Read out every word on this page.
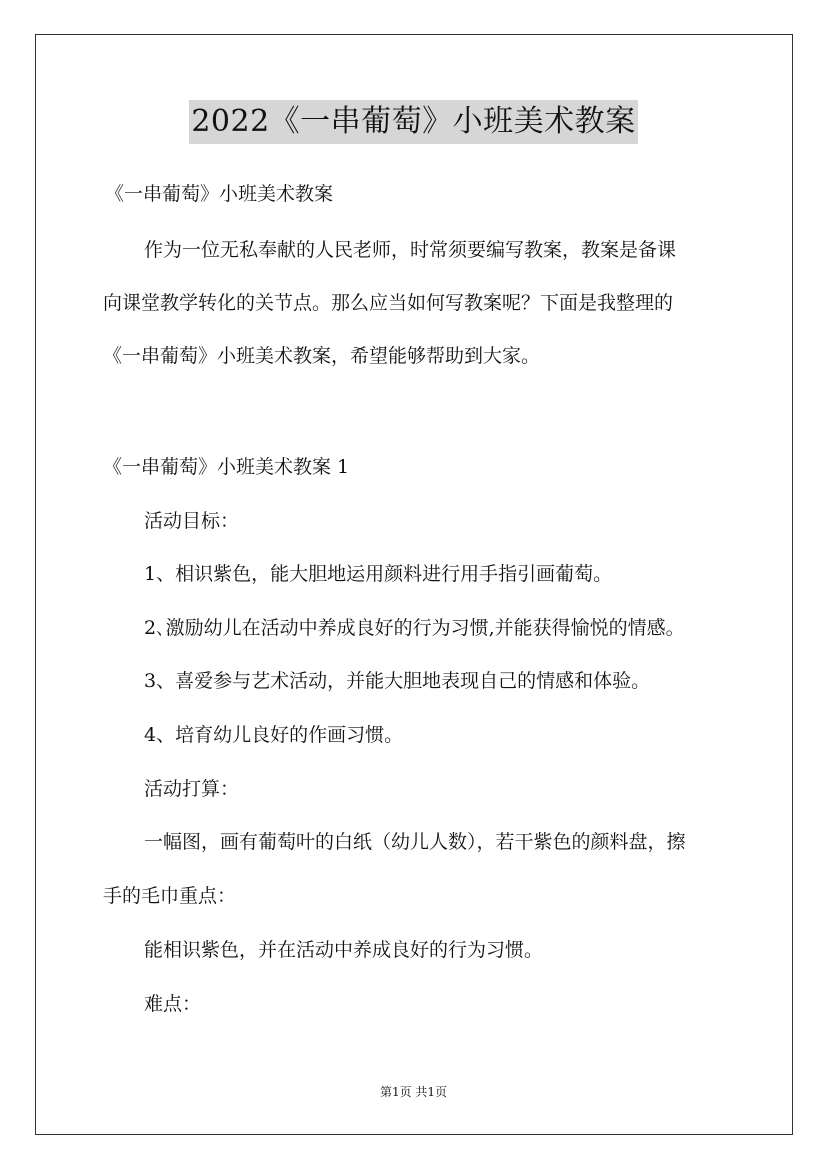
2022《一串葡萄》小班美术教案
《一串葡萄》小班美术教案
作为一位无私奉献的人民老师，时常须要编写教案，教案是备课
向课堂教学转化的关节点。那么应当如何写教案呢？下面是我整理的
《一串葡萄》小班美术教案，希望能够帮助到大家。
《一串葡萄》小班美术教案 1
活动目标：
1、相识紫色，能大胆地运用颜料进行用手指引画葡萄。
2､激励幼儿在活动中养成良好的行为习惯,并能获得愉悦的情感。
3、喜爱参与艺术活动，并能大胆地表现自己的情感和体验。
4、培育幼儿良好的作画习惯。
活动打算：
一幅图，画有葡萄叶的白纸（幼儿人数），若干紫色的颜料盘，擦
手的毛巾重点：
能相识紫色，并在活动中养成良好的行为习惯。
难点：
第1页 共1页
